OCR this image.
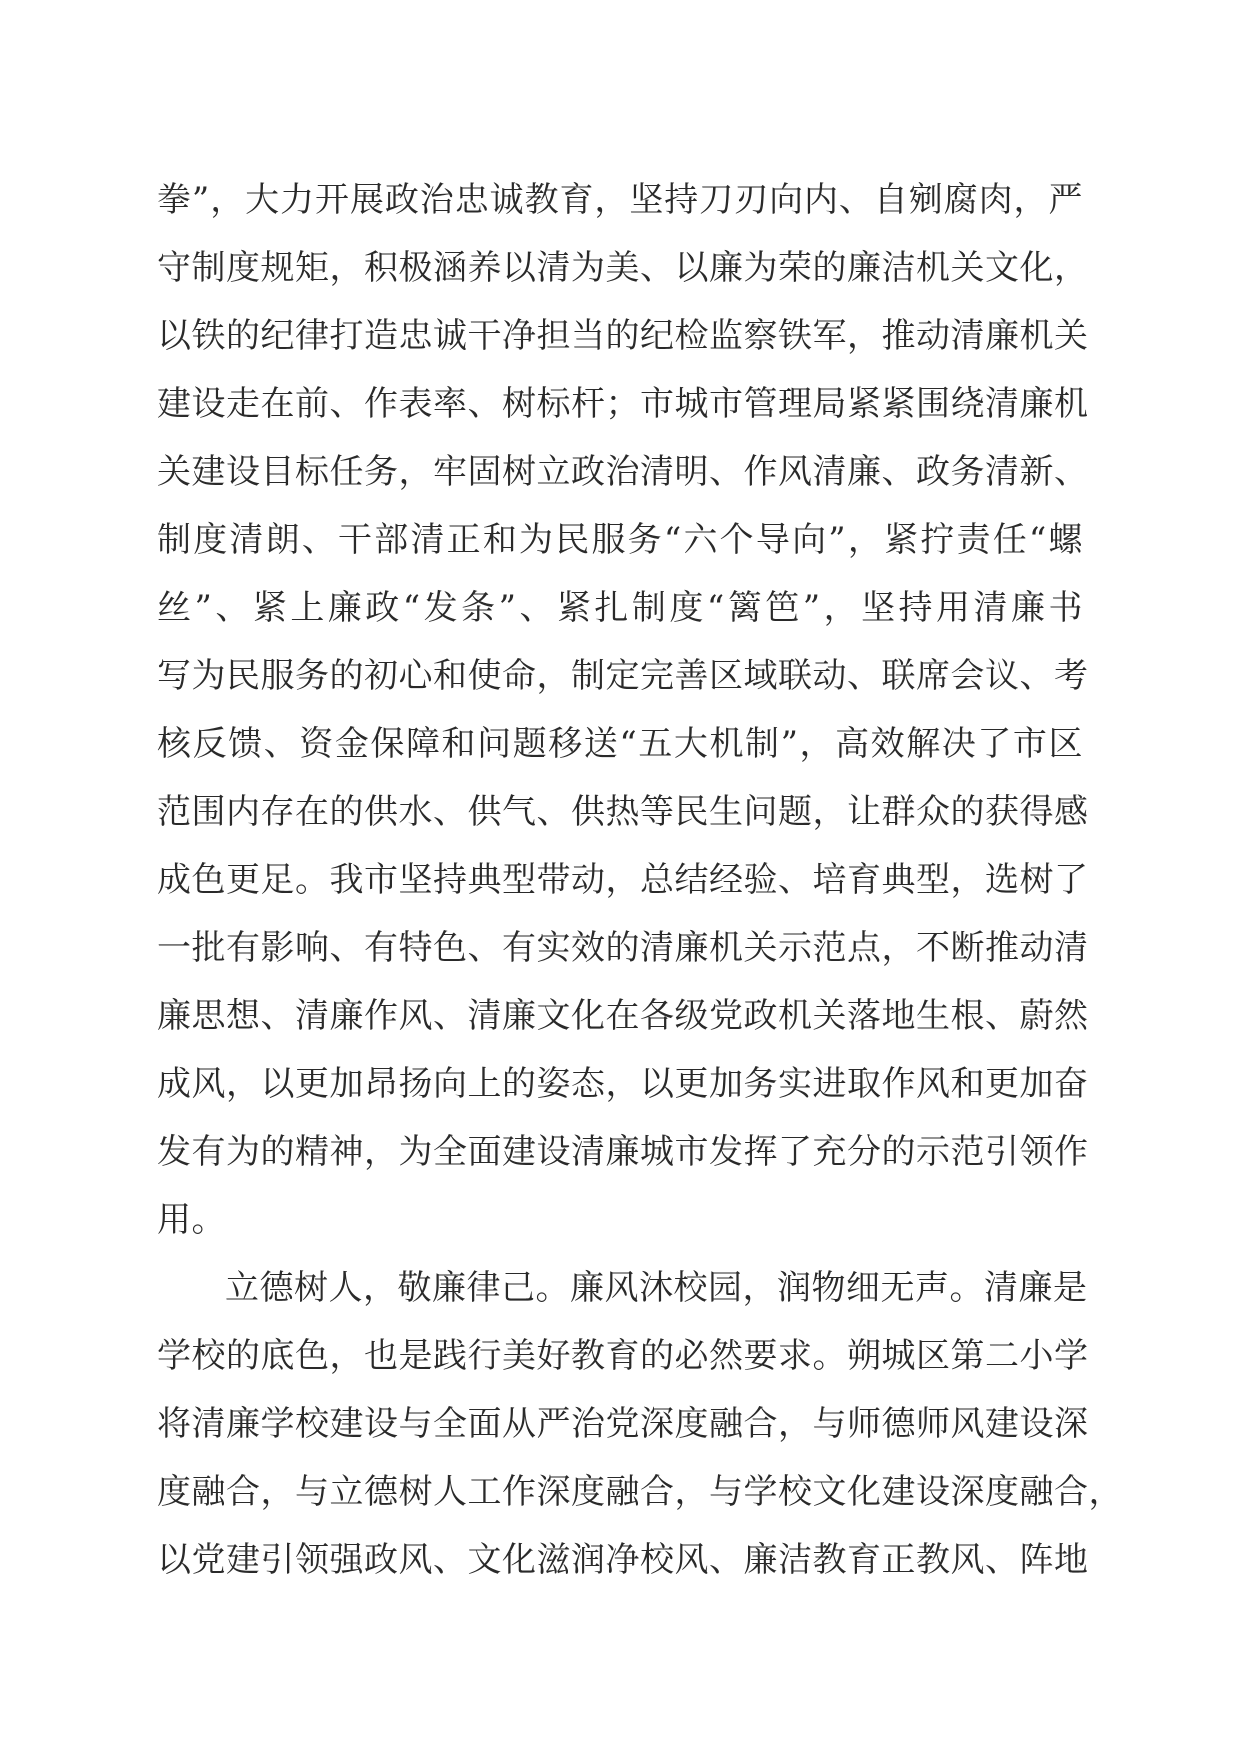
拳”，大力开展政治忠诚教育，坚持刀刃向内、自剜腐肉，严
守制度规矩，积极涵养以清为美、以廉为荣的廉洁机关文化，
以铁的纪律打造忠诚干净担当的纪检监察铁军，推动清廉机关
建设走在前、作表率、树标杆；市城市管理局紧紧围绕清廉机
关建设目标任务，牢固树立政治清明、作风清廉、政务清新、
制度清朗、干部清正和为民服务“六个导向”，紧拧责任“螺
丝”、紧上廉政“发条”、紧扎制度“篱笆”，坚持用清廉书
写为民服务的初心和使命，制定完善区域联动、联席会议、考
核反馈、资金保障和问题移送“五大机制”，高效解决了市区
范围内存在的供水、供气、供热等民生问题，让群众的获得感
成色更足。我市坚持典型带动，总结经验、培育典型，选树了
一批有影响、有特色、有实效的清廉机关示范点，不断推动清
廉思想、清廉作风、清廉文化在各级党政机关落地生根、蔚然
成风，以更加昂扬向上的姿态，以更加务实进取作风和更加奋
发有为的精神，为全面建设清廉城市发挥了充分的示范引领作
用。
立德树人，敬廉律己。廉风沐校园，润物细无声。清廉是
学校的底色，也是践行美好教育的必然要求。朔城区第二小学
将清廉学校建设与全面从严治党深度融合，与师德师风建设深
度融合，与立德树人工作深度融合，与学校文化建设深度融合，
以党建引领强政风、文化滋润净校风、廉洁教育正教风、阵地
